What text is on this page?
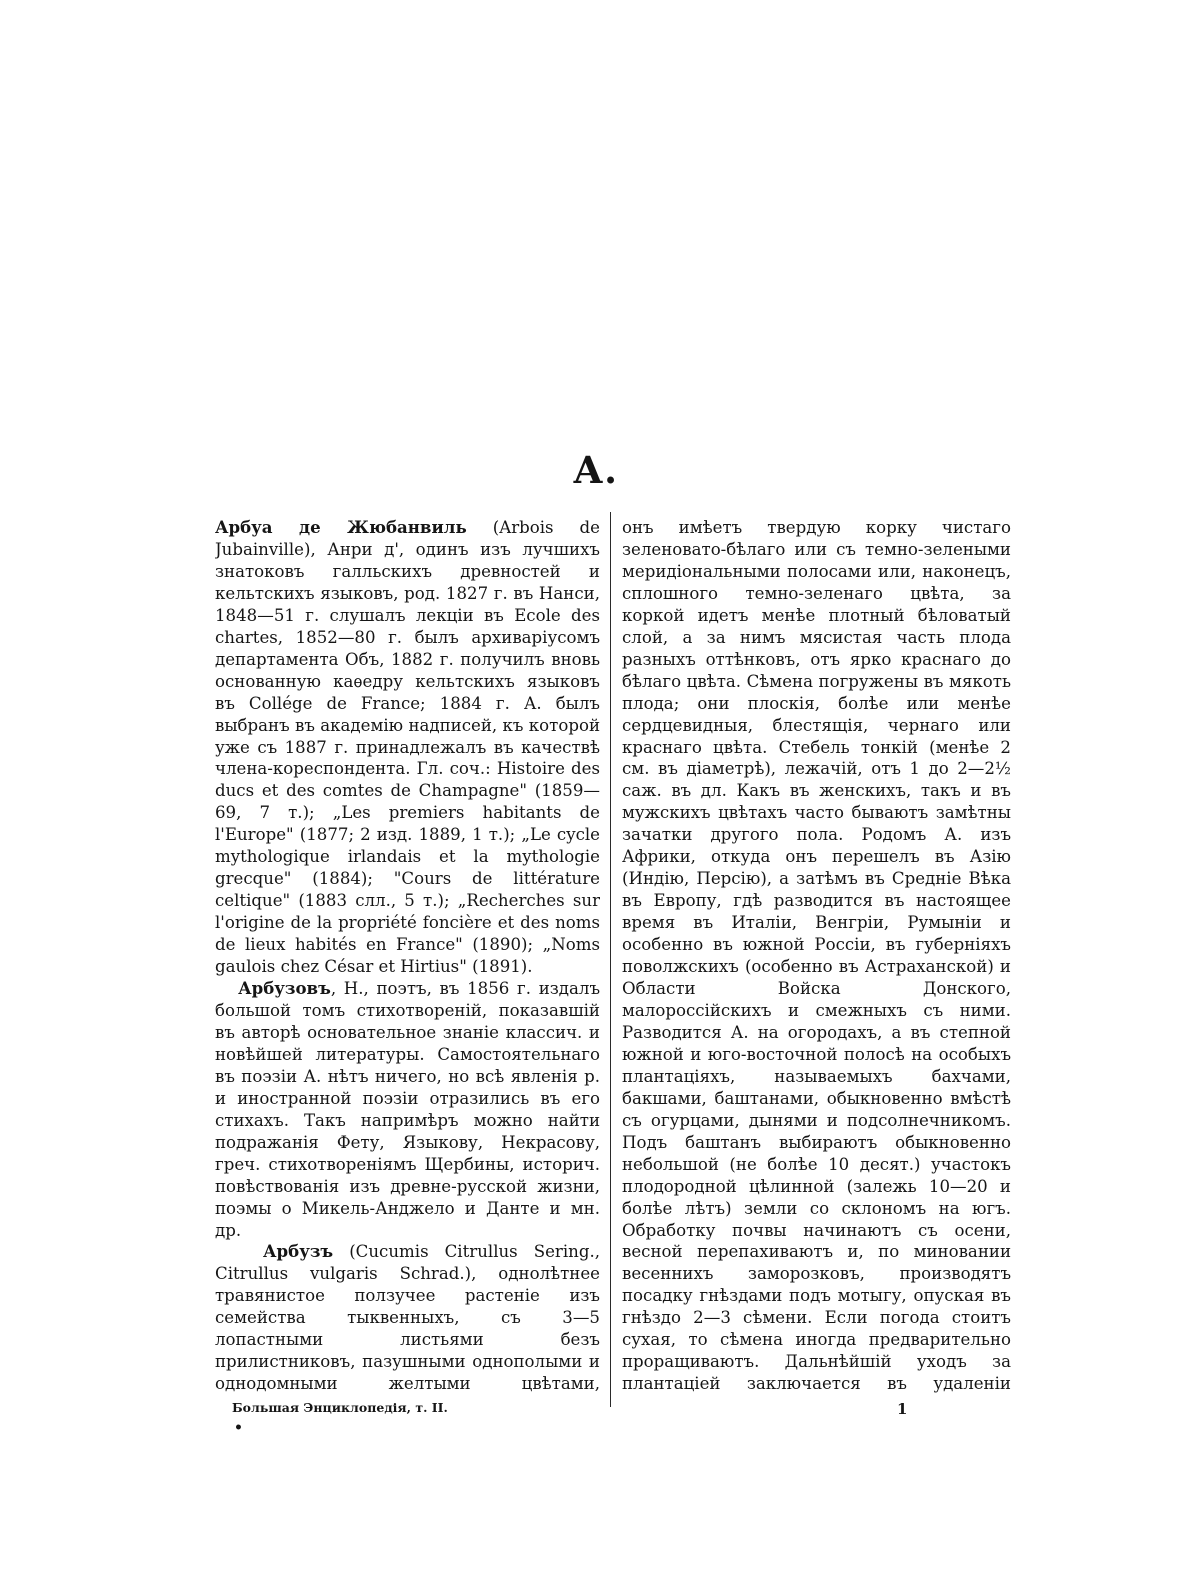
А.

Арбуа де Жюбанвиль (Arbois de Jubainville), Анри д', одинъ изъ лучшихъ знатоковъ галльскихъ древностей и кельтскихъ языковъ, род. 1827 г. въ Нанси, 1848—51 г. слушалъ лекціи въ Ecole des chartes, 1852—80 г. былъ архиваріусомъ департамента Объ, 1882 г. получилъ вновь основанную каѳедру кельтскихъ языковъ въ Collége de France; 1884 г. А. былъ выбранъ въ академію надписей, къ которой уже съ 1887 г. принадлежалъ въ качествѣ члена-кореспондента. Гл. соч.: Histoire des ducs et des comtes de Champagne" (1859—69, 7 т.); „Les premiers habitants de l'Europe" (1877; 2 изд. 1889, 1 т.); „Le cycle mythologique irlandais et la mythologie grecque" (1884); "Cours de littérature celtique" (1883 слл., 5 т.); „Recherches sur l'origine de la propriété foncière et des noms de lieux habités en France" (1890); „Noms gaulois chez César et Hirtius" (1891).

Арбузовъ, Н., поэтъ, въ 1856 г. издалъ большой томъ стихотвореній, показавшій въ авторѣ основательное знаніе классич. и новѣйшей литературы. Самостоятельнаго въ поэзіи А. нѣтъ ничего, но всѣ явленія р. и иностранной поэзіи отразились въ его стихахъ. Такъ напримѣръ можно найти подражанія Фету, Языкову, Некрасову, греч. стихотвореніямъ Щербины, историч. повѣствованія изъ древне-русской жизни, поэмы о Микель-Анджело и Данте и мн. др.

Арбузъ (Cucumis Citrullus Sering., Citrullus vulgaris Schrad.), однолѣтнее травянистое ползучее растеніе изъ семейства тыквенныхъ, съ 3—5 лопастными листьями безъ прилистниковъ, пазушными однополыми и однодомными желтыми цвѣтами,

онъ имѣетъ твердую корку чистаго зеленовато-бѣлаго или съ темно-зелеными меридіональными полосами или, наконецъ, сплошного темно-зеленаго цвѣта, за коркой идетъ менѣе плотный бѣловатый слой, а за нимъ мясистая часть плода разныхъ оттѣнковъ, отъ ярко краснаго до бѣлаго цвѣта. Сѣмена погружены въ мякоть плода; они плоскія, болѣе или менѣе сердцевидныя, блестящія, чернаго или краснаго цвѣта. Стебель тонкій (менѣе 2 см. въ діаметрѣ), лежачій, отъ 1 до 2—2½ саж. въ дл. Какъ въ женскихъ, такъ и въ мужскихъ цвѣтахъ часто бываютъ замѣтны зачатки другого пола. Родомъ А. изъ Африки, откуда онъ перешелъ въ Азію (Индію, Персію), а затѣмъ въ Средніе Вѣка въ Европу, гдѣ разводится въ настоящее время въ Италіи, Венгріи, Румыніи и особенно въ южной Россіи, въ губерніяхъ поволжскихъ (особенно въ Астраханской) и Области Войска Донского, малороссійскихъ и смежныхъ съ ними. Разводится А. на огородахъ, а въ степной южной и юго-восточной полосѣ на особыхъ плантаціяхъ, называемыхъ бахчами, бакшами, баштанами, обыкновенно вмѣстѣ съ огурцами, дынями и подсолнечникомъ. Подъ баштанъ выбираютъ обыкновенно небольшой (не болѣе 10 десят.) участокъ плодородной цѣлинной (залежь 10—20 и болѣе лѣтъ) земли со склономъ на югъ. Обработку почвы начинаютъ съ осени, весной перепахиваютъ и, по миновании весеннихъ заморозковъ, производятъ посадку гнѣздами подъ мотыгу, опуская въ гнѣздо 2—3 сѣмени. Если погода стоитъ сухая, то сѣмена иногда предварительно проращиваютъ. Дальнѣйшій уходъ за плантаціей заключается въ удаленіи

Большая Энциклопедія, т. II.
•
1
